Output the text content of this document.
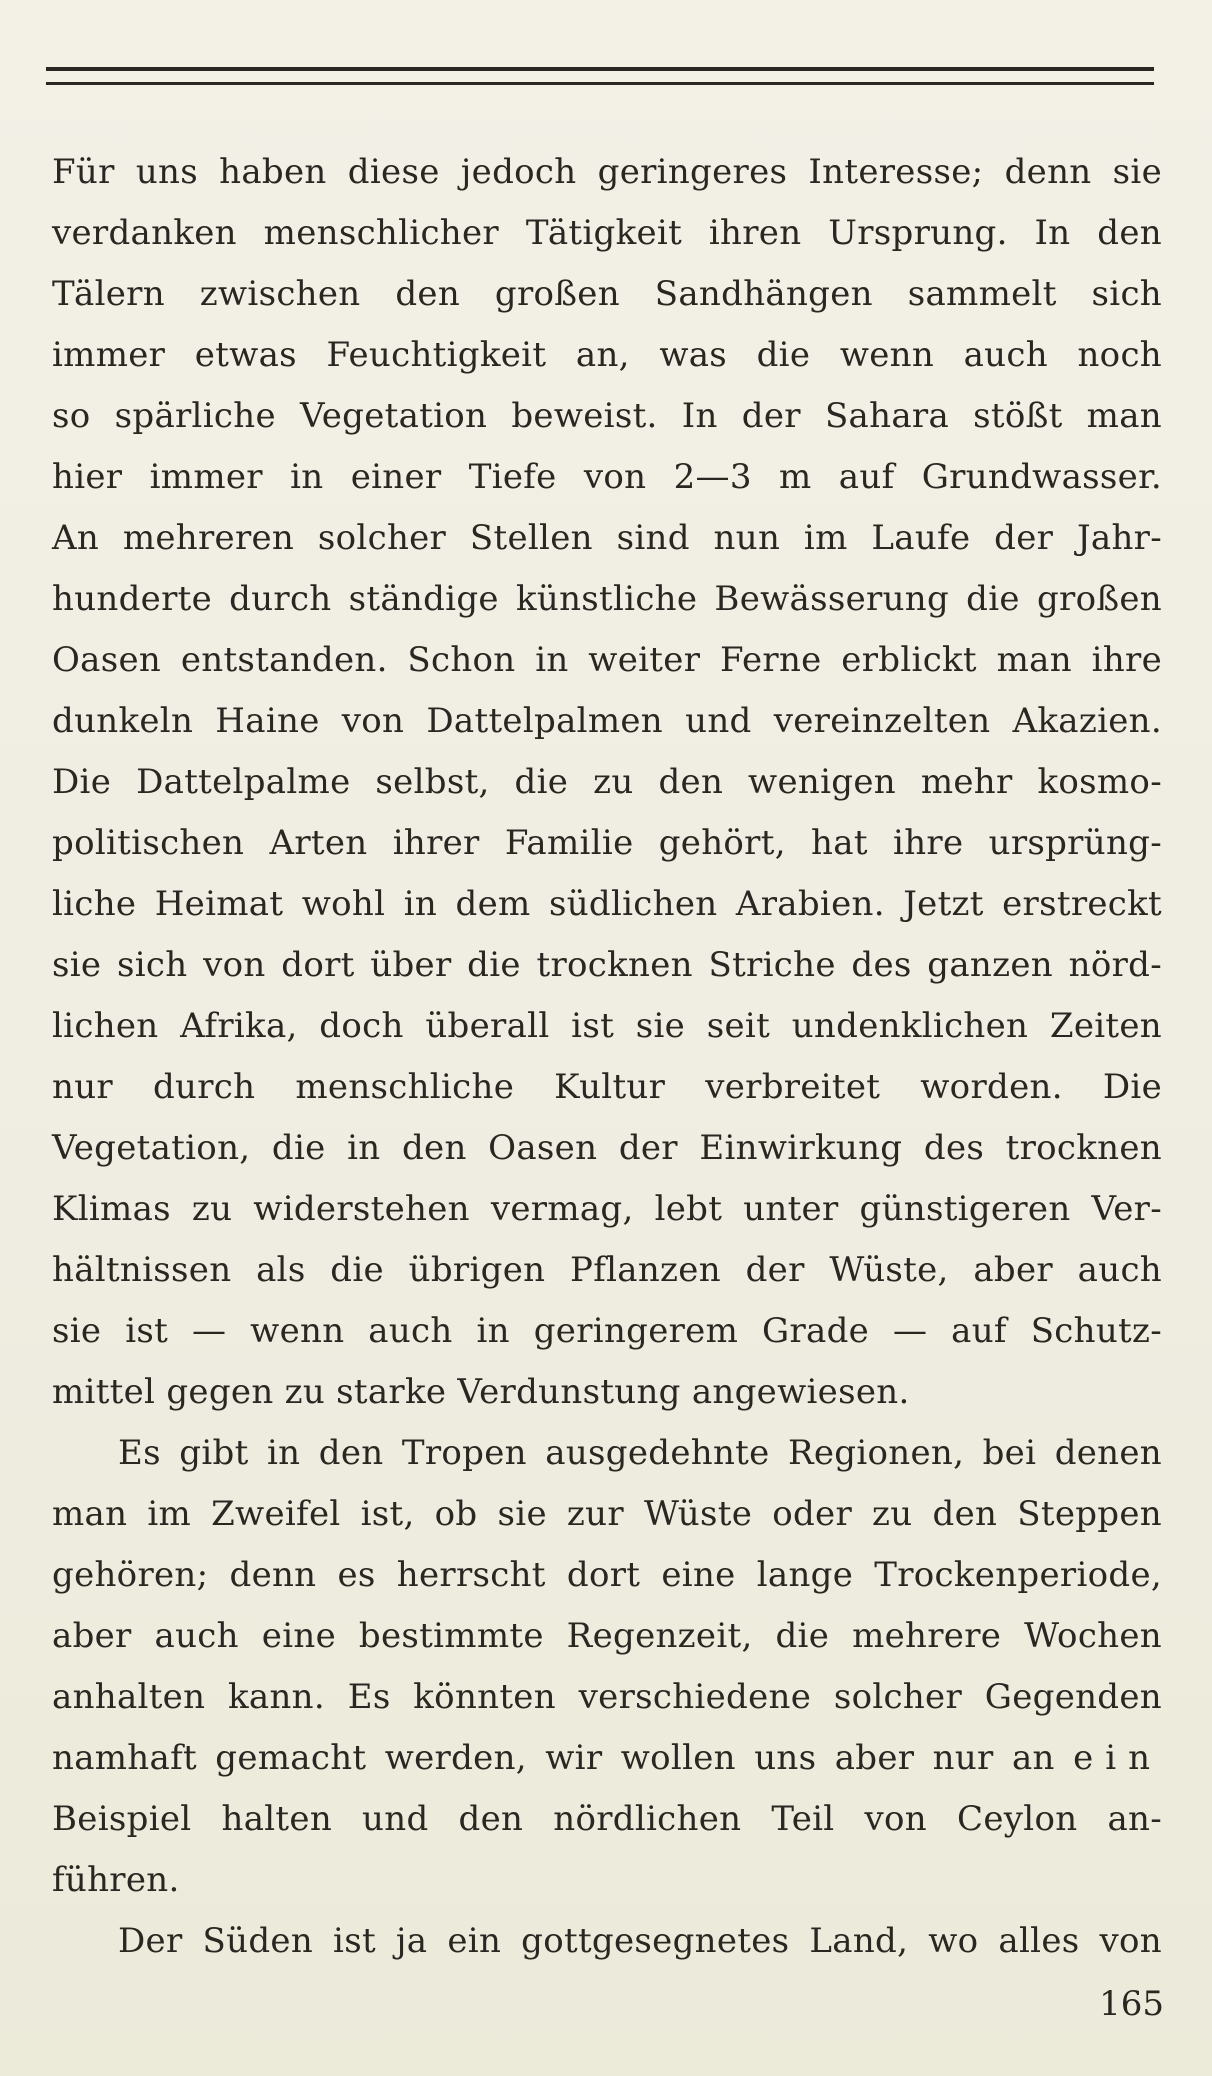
Für uns haben diese jedoch geringeres Interesse; denn sie
verdanken menschlicher Tätigkeit ihren Ursprung. In den
Tälern zwischen den großen Sandhängen sammelt sich
immer etwas Feuchtigkeit an, was die wenn auch noch
so spärliche Vegetation beweist. In der Sahara stößt man
hier immer in einer Tiefe von 2—3 m auf Grundwasser.
An mehreren solcher Stellen sind nun im Laufe der Jahr-
hunderte durch ständige künstliche Bewässerung die großen
Oasen entstanden. Schon in weiter Ferne erblickt man ihre
dunkeln Haine von Dattelpalmen und vereinzelten Akazien.
Die Dattelpalme selbst, die zu den wenigen mehr kosmo-
politischen Arten ihrer Familie gehört, hat ihre ursprüng-
liche Heimat wohl in dem südlichen Arabien. Jetzt erstreckt
sie sich von dort über die trocknen Striche des ganzen nörd-
lichen Afrika, doch überall ist sie seit undenklichen Zeiten
nur durch menschliche Kultur verbreitet worden. Die
Vegetation, die in den Oasen der Einwirkung des trocknen
Klimas zu widerstehen vermag, lebt unter günstigeren Ver-
hältnissen als die übrigen Pflanzen der Wüste, aber auch
sie ist — wenn auch in geringerem Grade — auf Schutz-
mittel gegen zu starke Verdunstung angewiesen.
Es gibt in den Tropen ausgedehnte Regionen, bei denen
man im Zweifel ist, ob sie zur Wüste oder zu den Steppen
gehören; denn es herrscht dort eine lange Trockenperiode,
aber auch eine bestimmte Regenzeit, die mehrere Wochen
anhalten kann. Es könnten verschiedene solcher Gegenden
namhaft gemacht werden, wir wollen uns aber nur an ein
Beispiel halten und den nördlichen Teil von Ceylon an-
führen.
Der Süden ist ja ein gottgesegnetes Land, wo alles von
165
